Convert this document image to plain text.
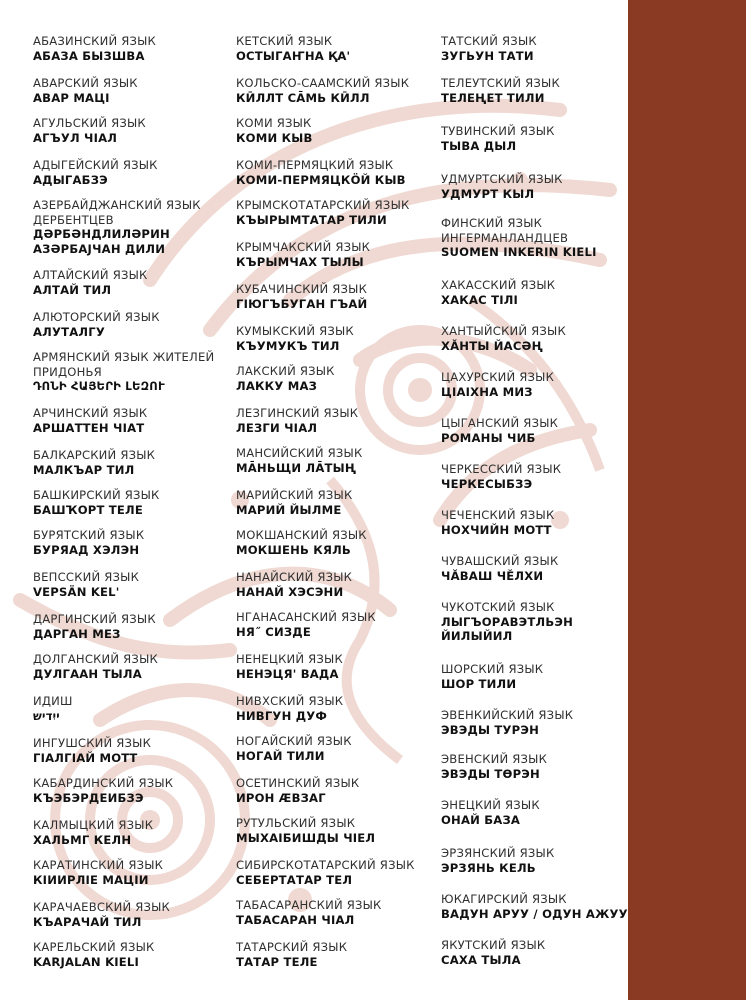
АБАЗИНСКИЙ ЯЗЫК
АБАЗА БЫЗШВА
АВАРСКИЙ ЯЗЫК
АВАР МАЦI
АГУЛЬСКИЙ ЯЗЫК
АГЪУЛ ЧIАЛ
АДЫГЕЙСКИЙ ЯЗЫК
АДЫГАБЗЭ
АЗЕРБАЙДЖАНСКИЙ ЯЗЫК
ДЕРБЕНТЦЕВ
ДӘРБӘНДЛИЛӘРИН
АЗӘРБАЈЧАН ДИЛИ
АЛТАЙСКИЙ ЯЗЫК
АЛТАЙ ТИЛ
АЛЮТОРСКИЙ ЯЗЫК
АЛУТАЛГУ
АРМЯНСКИЙ ЯЗЫК ЖИТЕЛЕЙ
ПРИДОНЬЯ
ԴՈՆԻ ՀԱՅԵՐԻ ԼԵԶՈՒ
АРЧИНСКИЙ ЯЗЫК
АРШАТТЕН ЧIАТ
БАЛКАРСКИЙ ЯЗЫК
МАЛКЪАР ТИЛ
БАШКИРСКИЙ ЯЗЫК
БАШҠОРТ ТЕЛЕ
БУРЯТСКИЙ ЯЗЫК
БУРЯАД ХЭЛЭН
ВЕПССКИЙ ЯЗЫК
VEPSÄN KEL'
ДАРГИНСКИЙ ЯЗЫК
ДАРГАН МЕЗ
ДОЛГАНСКИЙ ЯЗЫК
ДУЛГААН ТЫЛА
ИДИШ
ייִדיש
ИНГУШСКИЙ ЯЗЫК
ГIАЛГIАЙ МОТТ
КАБАРДИНСКИЙ ЯЗЫК
КЪЭБЭРДЕИБЗЭ
КАЛМЫЦКИЙ ЯЗЫК
ХАЛЬМГ КЕЛН
КАРАТИНСКИЙ ЯЗЫК
КIИИРЛIЕ МАЦIИ
КАРАЧАЕВСКИЙ ЯЗЫК
КЪАРАЧАЙ ТИЛ
КАРЕЛЬСКИЙ ЯЗЫК
KARJALAN KIELI
КЕТСКИЙ ЯЗЫК
ОСТЫГАҤНА ҚА'
КОЛЬСКО-СААМСКИЙ ЯЗЫК
КӢЛЛТ СА̄МЬ КӢЛЛ
КОМИ ЯЗЫК
КОМИ КЫВ
КОМИ-ПЕРМЯЦКИЙ ЯЗЫК
КОМИ-ПЕРМЯЦКӦЙ КЫВ
КРЫМСКОТАТАРСКИЙ ЯЗЫК
КЪЫРЫМТАТАР ТИЛИ
КРЫМЧАКСКИЙ ЯЗЫК
КЪРЫМЧАХ ТЫЛЫ
КУБАЧИНСКИЙ ЯЗЫК
ГIЮГЪБУГАН ГЪАЙ
КУМЫКСКИЙ ЯЗЫК
КЪУМУКЪ ТИЛ
ЛАКСКИЙ ЯЗЫК
ЛАККУ МАЗ
ЛЕЗГИНСКИЙ ЯЗЫК
ЛЕЗГИ ЧIАЛ
МАНСИЙСКИЙ ЯЗЫК
МА̄НЬЩИ ЛА̄ТЫҢ
МАРИЙСКИЙ ЯЗЫК
МАРИЙ ЙЫЛМЕ
МОКШАНСКИЙ ЯЗЫК
МОКШЕНЬ КЯЛЬ
НАНАЙСКИЙ ЯЗЫК
НАНАЙ ХЭСЭНИ
НГАНАСАНСКИЙ ЯЗЫК
НЯ˝ СИЗДЕ
НЕНЕЦКИЙ ЯЗЫК
НЕНЭЦЯ' ВАДА
НИВХСКИЙ ЯЗЫК
НИВГУН ДУФ
НОГАЙСКИЙ ЯЗЫК
НОГАЙ ТИЛИ
ОСЕТИНСКИЙ ЯЗЫК
ИРОН ӔВЗАГ
РУТУЛЬСКИЙ ЯЗЫК
МЫХАIБИШДЫ ЧIЕЛ
СИБИРСКОТАТАРСКИЙ ЯЗЫК
СЕБЕРТАТАР ТЕЛ
ТАБАСАРАНСКИЙ ЯЗЫК
ТАБАСАРАН ЧIАЛ
ТАТАРСКИЙ ЯЗЫК
ТАТАР ТЕЛЕ
ТАТСКИЙ ЯЗЫК
ЗУГЬУН ТАТИ
ТЕЛЕУТСКИЙ ЯЗЫК
ТЕЛЕҢЕТ ТИЛИ
ТУВИНСКИЙ ЯЗЫК
ТЫВА ДЫЛ
УДМУРТСКИЙ ЯЗЫК
УДМУРТ КЫЛ
ФИНСКИЙ ЯЗЫК
ИНГЕРМАНЛАНДЦЕВ
SUOMEN INKERIN KIELI
ХАКАССКИЙ ЯЗЫК
ХАКАС ТIЛI
ХАНТЫЙСКИЙ ЯЗЫК
ХӐНТЫ ЙАСӘҢ
ЦАХУРСКИЙ ЯЗЫК
ЦIАIХНА МИЗ
ЦЫГАНСКИЙ ЯЗЫК
РОМАНЫ ЧИБ
ЧЕРКЕССКИЙ ЯЗЫК
ЧЕРКЕСЫБЗЭ
ЧЕЧЕНСКИЙ ЯЗЫК
НОХЧИЙН МОТТ
ЧУВАШСКИЙ ЯЗЫК
ЧӐВАШ ЧӖЛХИ
ЧУКОТСКИЙ ЯЗЫК
ЛЫГЪОРАВЭТЛЬЭН
ЙИЛЫЙИЛ
ШОРСКИЙ ЯЗЫК
ШОР ТИЛИ
ЭВЕНКИЙСКИЙ ЯЗЫК
ЭВЭДЫ ТУРЭН
ЭВЕНСКИЙ ЯЗЫК
ЭВЭДЫ ТӨРЭН
ЭНЕЦКИЙ ЯЗЫК
ОНАЙ БАЗА
ЭРЗЯНСКИЙ ЯЗЫК
ЭРЗЯНЬ КЕЛЬ
ЮКАГИРСКИЙ ЯЗЫК
ВАДУН АРУУ / ОДУН АЖУУ
ЯКУТСКИЙ ЯЗЫК
САХА ТЫЛА
